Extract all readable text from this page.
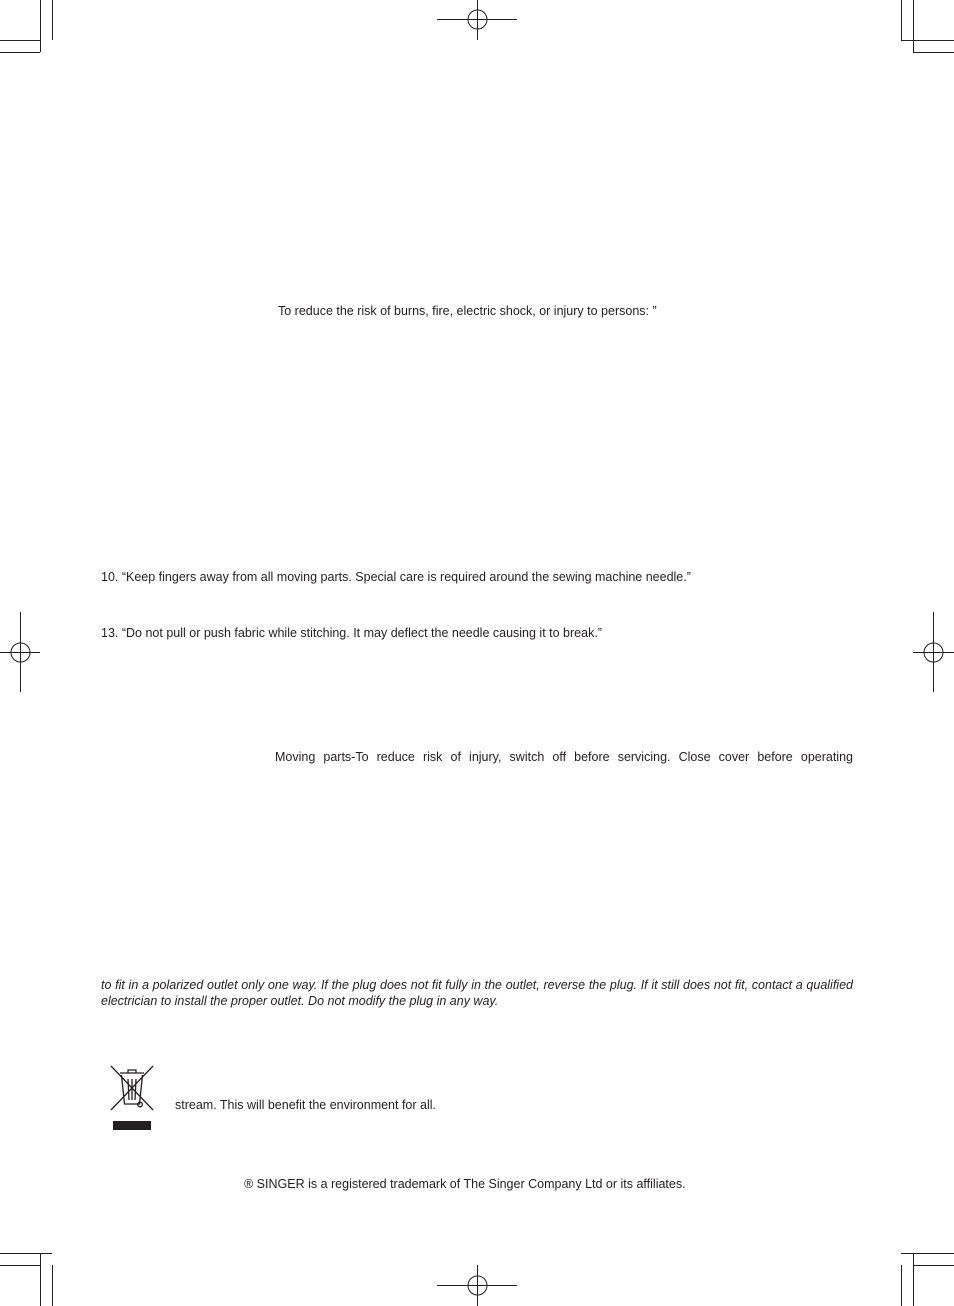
To reduce the risk of burns, fire, electric shock, or injury to persons: ”

10. “Keep fingers away from all moving parts. Special care is required around the sewing machine needle.”

13. “Do not pull or push fabric while stitching. It may deflect the needle causing it to break.”

Moving parts-To reduce risk of injury, switch off before servicing. Close cover before operating

to fit in a polarized outlet only one way. If the plug does not fit fully in the outlet, reverse the plug. If it still does not fit, contact a qualified electrician to install the proper outlet. Do not modify the plug in any way.

stream. This will benefit the environment for all.

® SINGER is a registered trademark of The Singer Company Ltd or its affiliates.
